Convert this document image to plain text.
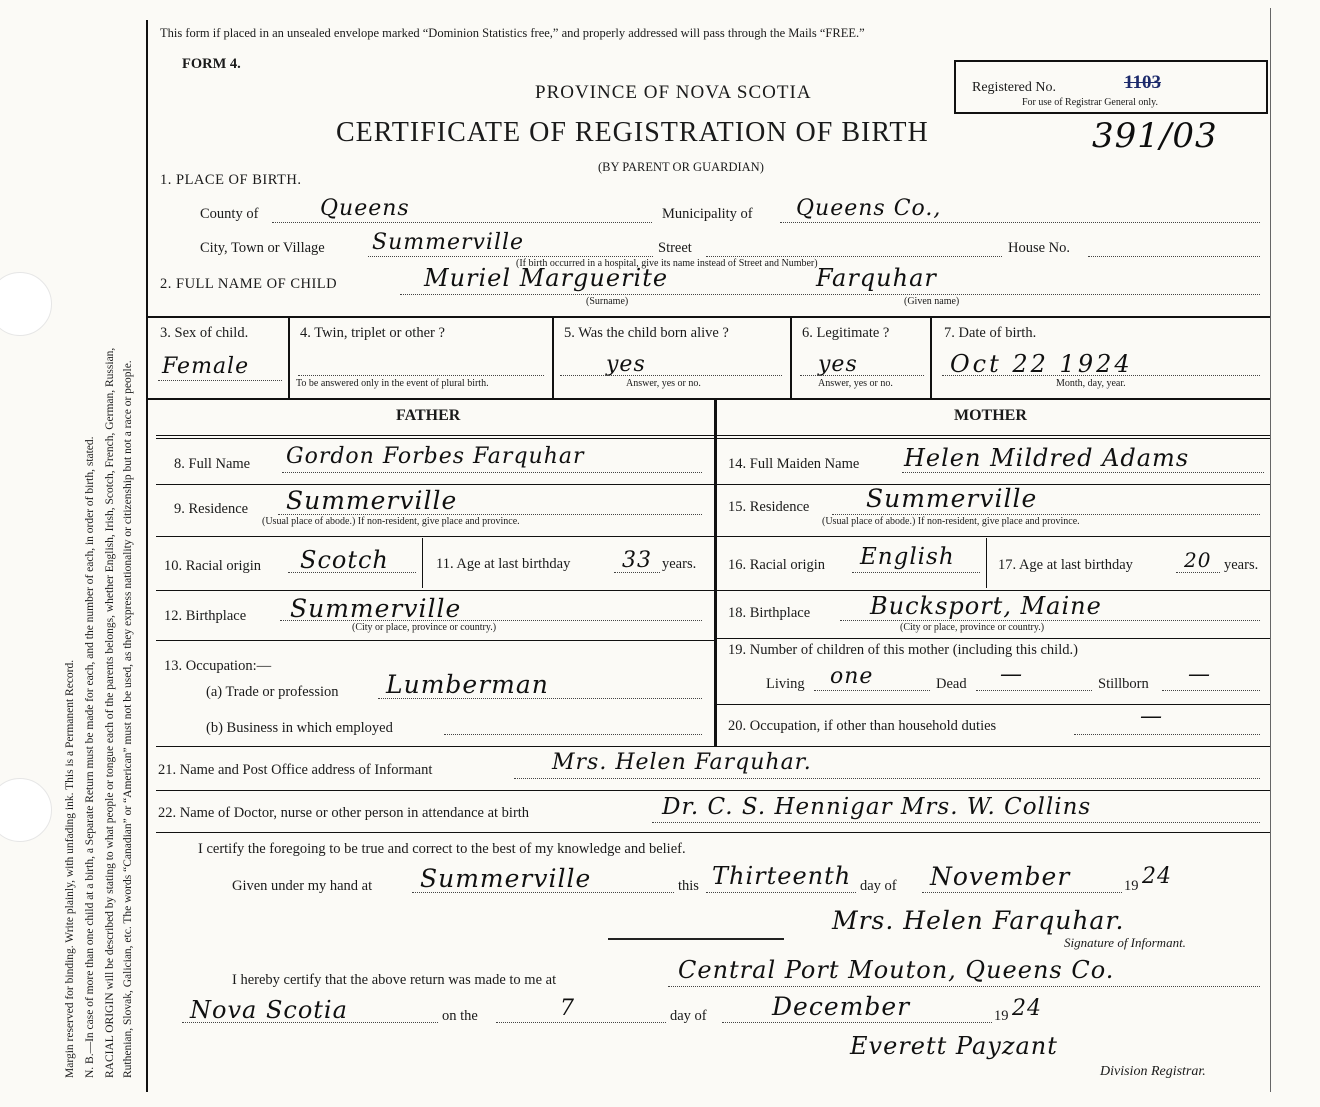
Margin reserved for binding. Write plainly, with unfading ink. This is a Permanent Record. N. B.—In case of more than one child at a birth, a Separate Return must be made for each, and the number of each, in order of birth, stated. RACIAL ORIGIN will be described by stating to what people or tongue each of the parents belongs, whether English, Irish, Scotch, French, German, Russian, Ruthenian, Slovak, Galician, etc. The words “Canadian” or “American” must not be used, as they express nationality or citizenship but not a race or people.
This form if placed in an unsealed envelope marked “Dominion Statistics free,” and properly addressed will pass through the Mails “FREE.”
FORM 4.
Registered No.	1103
For use of Registrar General only.
PROVINCE OF NOVA SCOTIA
CERTIFICATE OF REGISTRATION OF BIRTH	391/03
(BY PARENT OR GUARDIAN)
1. PLACE OF BIRTH.
County of	Queens	Municipality of Queens Co.,
City, Town or Village Summerville	Street	House No.
(If birth occurred in a hospital, give its name instead of Street and Number)
2. FULL NAME OF CHILD	Muriel Marguerite	Farquhar
(Surname)	(Given name)
3. Sex of child.
Female
4. Twin, triplet or other ?
To be answered only in the event of plural birth.
5. Was the child born alive ?
yes
Answer, yes or no.
6. Legitimate ?
yes
Answer, yes or no.
7. Date of birth.
Oct 22 1924
Month, day, year.
FATHER	MOTHER
8. Full Name Gordon Forbes Farquhar
9. Residence Summerville
(Usual place of abode.) If non-resident, give place and province.
10. Racial origin Scotch	11. Age at last birthday 33 years.
12. Birthplace Summerville
(City or place, province or country.)
13. Occupation:—
(a) Trade or profession Lumberman
(b) Business in which employed
14. Full Maiden Name Helen Mildred Adams
15. Residence Summerville
(Usual place of abode.) If non-resident, give place and province.
16. Racial origin English	17. Age at last birthday	20 years.
18. Birthplace Bucksport, Maine
(City or place, province or country.)
19. Number of children of this mother (including this child.)
Living one	Dead —	Stillborn —
20. Occupation, if other than household duties	—
21. Name and Post Office address of Informant	Mrs. Helen Farquhar.
22. Name of Doctor, nurse or other person in attendance at birth	Dr. C. S. Hennigar Mrs. W. Collins
I certify the foregoing to be true and correct to the best of my knowledge and belief.
Given under my hand at Summerville	this Thirteenth day of November	19 24
Mrs. Helen Farquhar.
Signature of Informant.
I hereby certify that the above return was made to me at	Central Port Mouton, Queens Co.
Nova Scotia	on the	7	day of	December	19 24
Everett Payzant
Division Registrar.
